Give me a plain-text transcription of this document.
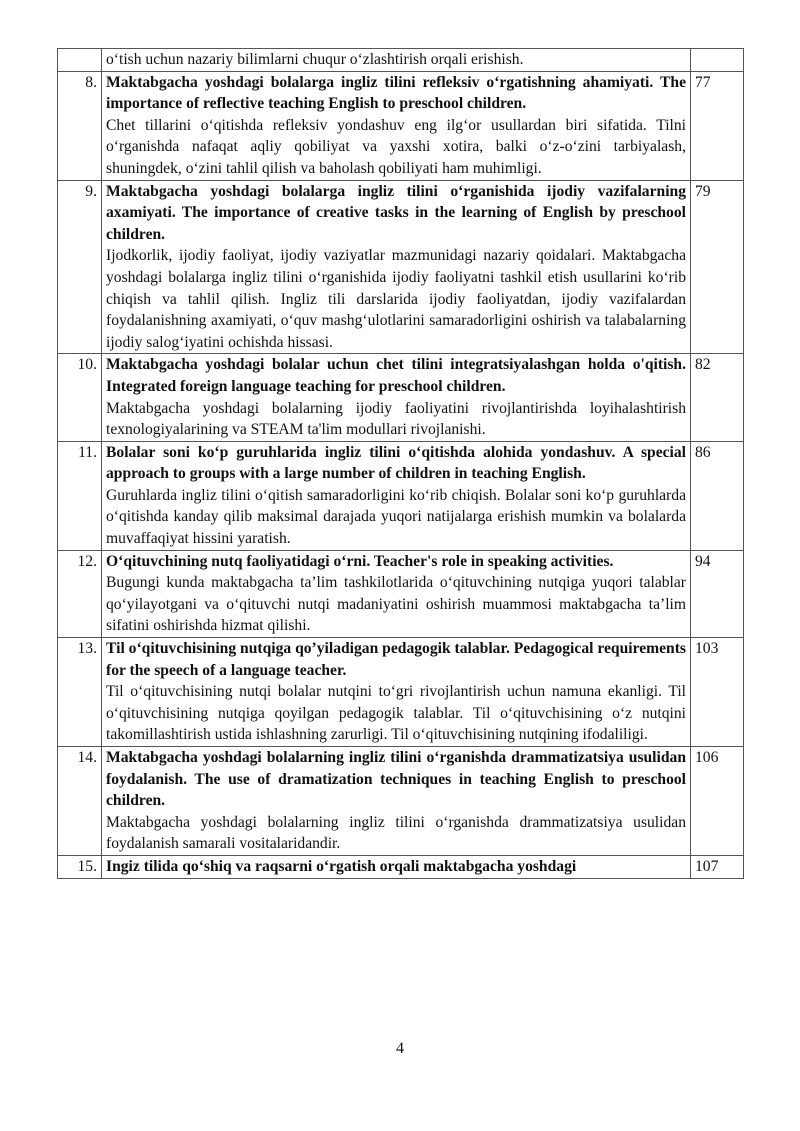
	oʻtish uchun nazariy bilimlarni chuqur oʻzlashtirish orqali erishish.	

8.	Maktabgacha yoshdagi bolalarga ingliz tilini refleksiv oʻrgatishning ahamiyati. The importance of reflective teaching English to preschool children.
Chet tillarini oʻqitishda refleksiv yondashuv eng ilgʻor usullardan biri sifatida. Tilni oʻrganishda nafaqat aqliy qobiliyat va yaxshi xotira, balki oʻz-oʻzini tarbiyalash, shuningdek, oʻzini tahlil qilish va baholash qobiliyati ham muhimligi.	77
9.	Maktabgacha yoshdagi bolalarga ingliz tilini oʻrganishida ijodiy vazifalarning axamiyati. The importance of creative tasks in the learning of English by preschool children.
Ijodkorlik, ijodiy faoliyat, ijodiy vaziyatlar mazmunidagi nazariy qoidalari. Maktabgacha yoshdagi bolalarga ingliz tilini oʻrganishida ijodiy faoliyatni tashkil etish usullarini koʻrib chiqish va tahlil qilish. Ingliz tili darslarida ijodiy faoliyatdan, ijodiy vazifalardan foydalanishning axamiyati, oʻquv mashgʻulotlarini samaradorligini oshirish va talabalarning ijodiy salogʻiyatini ochishda hissasi.	79
10.	Maktabgacha yoshdagi bolalar uchun chet tilini integratsiyalashgan holda o'qitish. Integrated foreign language teaching for preschool children.
Maktabgacha yoshdagi bolalarning ijodiy faoliyatini rivojlantirishda loyihalashtirish texnologiyalarining va STEAM ta'lim modullari rivojlanishi.	82
11.	Bolalar soni koʻp guruhlarida ingliz tilini oʻqitishda alohida yondashuv. A special approach to groups with a large number of children in teaching English.
Guruhlarda ingliz tilini oʻqitish samaradorligini koʻrib chiqish. Bolalar soni koʻp guruhlarda oʻqitishda kanday qilib maksimal darajada yuqori natijalarga erishish mumkin va bolalarda muvaffaqiyat hissini yaratish.	86
12.	Oʻqituvchining nutq faoliyatidagi oʻrni. Teacher's role in speaking activities.
Bugungi kunda maktabgacha ta’lim tashkilotlarida oʻqituvchining nutqiga yuqori talablar qoʻyilayotgani va oʻqituvchi nutqi madaniyatini oshirish muammosi maktabgacha ta’lim sifatini oshirishda hizmat qilishi.	94
13.	Til oʻqituvchisining nutqiga qoʼyiladigan pedagogik talablar. Pedagogical requirements for the speech of a language teacher.
Til oʻqituvchisining nutqi bolalar nutqini toʻgri rivojlantirish uchun namuna ekanligi. Til oʻqituvchisining nutqiga qoyilgan pedagogik talablar. Til oʻqituvchisining oʻz nutqini takomillashtirish ustida ishlashning zarurligi. Til oʻqituvchisining nutqining ifodaliligi.	103
14.	Maktabgacha yoshdagi bolalarning ingliz tilini oʻrganishda drammatizatsiya usulidan foydalanish. The use of dramatization techniques in teaching English to preschool children.
Maktabgacha yoshdagi bolalarning ingliz tilini oʻrganishda drammatizatsiya usulidan foydalanish samarali vositalaridandir.	106
15.	Ingiz tilida qoʻshiq va raqsarni oʻrgatish orqali maktabgacha yoshdagi	107
4
